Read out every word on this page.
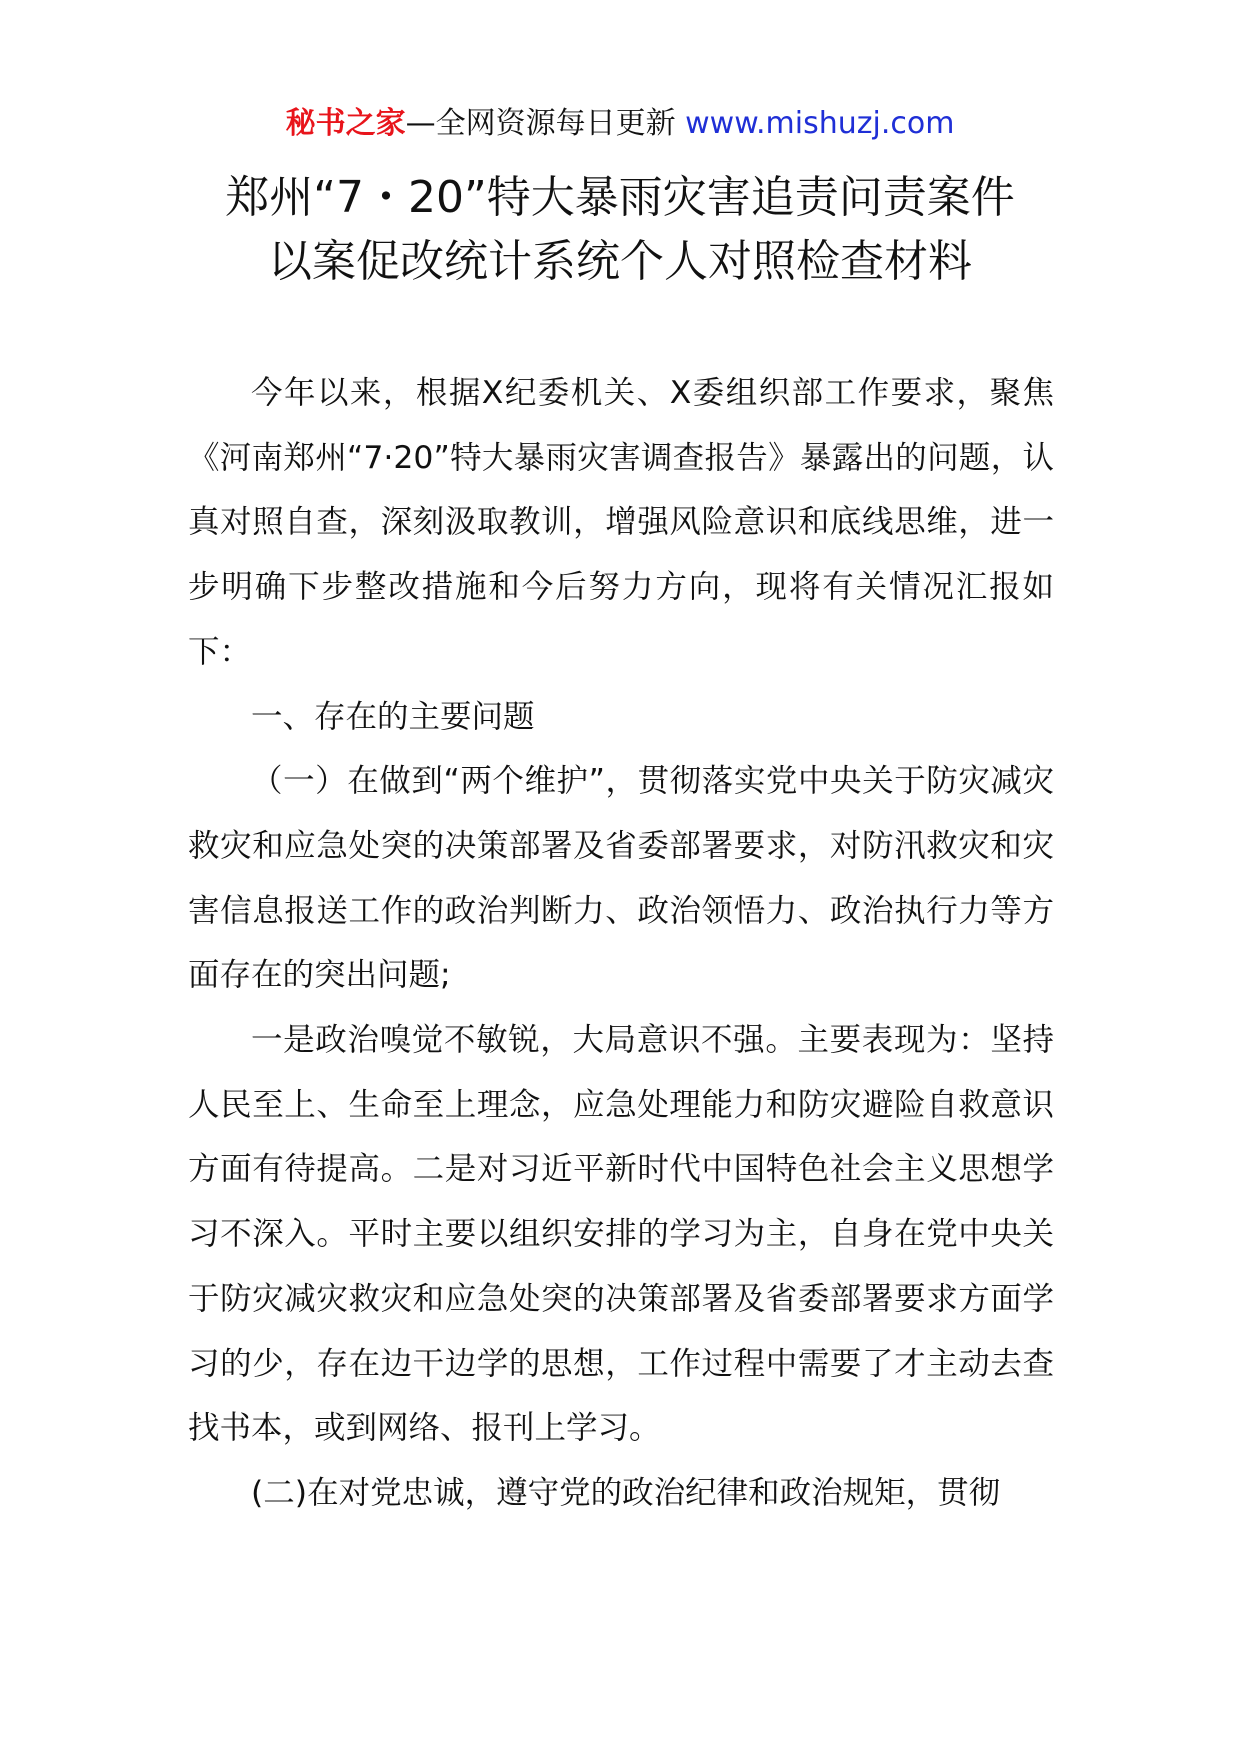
秘书之家—全网资源每日更新 www.mishuzj.com
郑州“7・20”特大暴雨灾害追责问责案件
以案促改统计系统个人对照检查材料

今年以来，根据X纪委机关、X委组织部工作要求，聚焦《河南郑州“7·20”特大暴雨灾害调查报告》暴露出的问题，认真对照自查，深刻汲取教训，增强风险意识和底线思维，进一步明确下步整改措施和今后努力方向，现将有关情况汇报如下：

一、存在的主要问题

（一）在做到“两个维护”，贯彻落实党中央关于防灾减灾救灾和应急处突的决策部署及省委部署要求，对防汛救灾和灾害信息报送工作的政治判断力、政治领悟力、政治执行力等方面存在的突出问题;

一是政治嗅觉不敏锐，大局意识不强。主要表现为：坚持人民至上、生命至上理念，应急处理能力和防灾避险自救意识方面有待提高。二是对习近平新时代中国特色社会主义思想学习不深入。平时主要以组织安排的学习为主，自身在党中央关于防灾减灾救灾和应急处突的决策部署及省委部署要求方面学习的少，存在边干边学的思想，工作过程中需要了才主动去查找书本，或到网络、报刊上学习。

(二)在对党忠诚，遵守党的政治纪律和政治规矩，贯彻
